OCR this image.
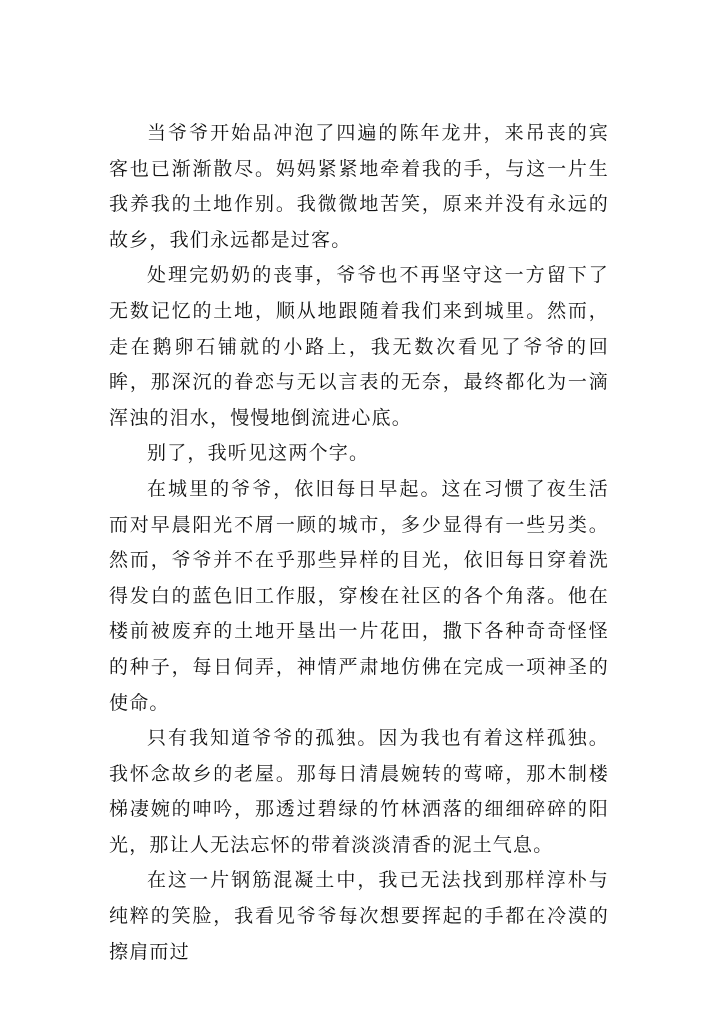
当爷爷开始品冲泡了四遍的陈年龙井，来吊丧的宾客也已渐渐散尽。妈妈紧紧地牵着我的手，与这一片生我养我的土地作别。我微微地苦笑，原来并没有永远的故乡，我们永远都是过客。

处理完奶奶的丧事，爷爷也不再坚守这一方留下了无数记忆的土地，顺从地跟随着我们来到城里。然而，走在鹅卵石铺就的小路上，我无数次看见了爷爷的回眸，那深沉的眷恋与无以言表的无奈，最终都化为一滴浑浊的泪水，慢慢地倒流进心底。

别了，我听见这两个字。

在城里的爷爷，依旧每日早起。这在习惯了夜生活而对早晨阳光不屑一顾的城市，多少显得有一些另类。然而，爷爷并不在乎那些异样的目光，依旧每日穿着洗得发白的蓝色旧工作服，穿梭在社区的各个角落。他在楼前被废弃的土地开垦出一片花田，撒下各种奇奇怪怪的种子，每日伺弄，神情严肃地仿佛在完成一项神圣的使命。

只有我知道爷爷的孤独。因为我也有着这样孤独。我怀念故乡的老屋。那每日清晨婉转的莺啼，那木制楼梯凄婉的呻吟，那透过碧绿的竹林洒落的细细碎碎的阳光，那让人无法忘怀的带着淡淡清香的泥土气息。

在这一片钢筋混凝土中，我已无法找到那样淳朴与纯粹的笑脸，我看见爷爷每次想要挥起的手都在冷漠的擦肩而过
